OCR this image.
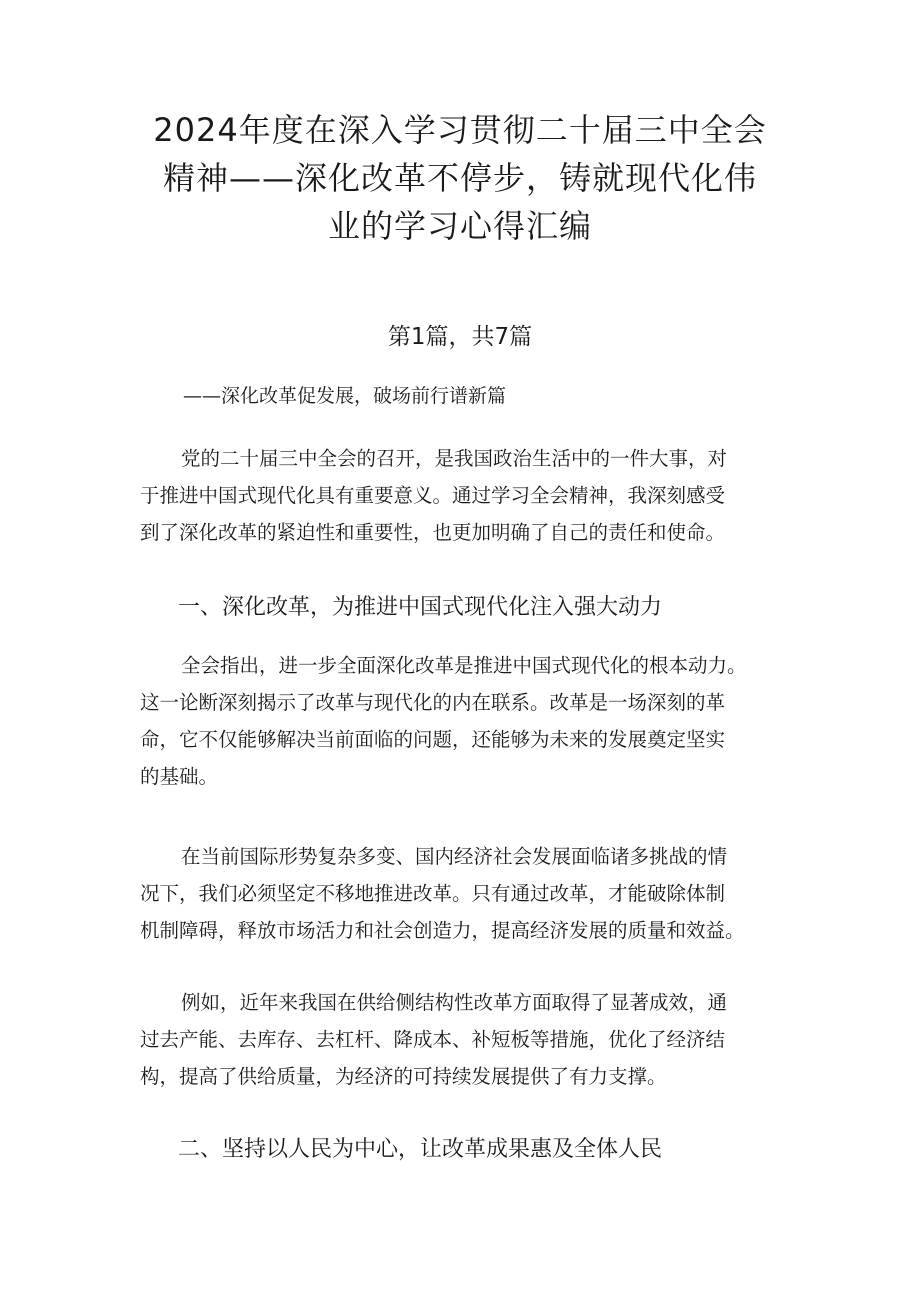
2024年度在深入学习贯彻二十届三中全会
精神——深化改革不停步，铸就现代化伟
业的学习心得汇编

第1篇，共7篇

——深化改革促发展，破场前行谱新篇

党的二十届三中全会的召开，是我国政治生活中的一件大事，对
于推进中国式现代化具有重要意义。通过学习全会精神，我深刻感受
到了深化改革的紧迫性和重要性，也更加明确了自己的责任和使命。

一、深化改革，为推进中国式现代化注入强大动力

全会指出，进一步全面深化改革是推进中国式现代化的根本动力。
这一论断深刻揭示了改革与现代化的内在联系。改革是一场深刻的革
命，它不仅能够解决当前面临的问题，还能够为未来的发展奠定坚实
的基础。

在当前国际形势复杂多变、国内经济社会发展面临诸多挑战的情
况下，我们必须坚定不移地推进改革。只有通过改革，才能破除体制
机制障碍，释放市场活力和社会创造力，提高经济发展的质量和效益。

例如，近年来我国在供给侧结构性改革方面取得了显著成效，通
过去产能、去库存、去杠杆、降成本、补短板等措施，优化了经济结
构，提高了供给质量，为经济的可持续发展提供了有力支撑。

二、坚持以人民为中心，让改革成果惠及全体人民
